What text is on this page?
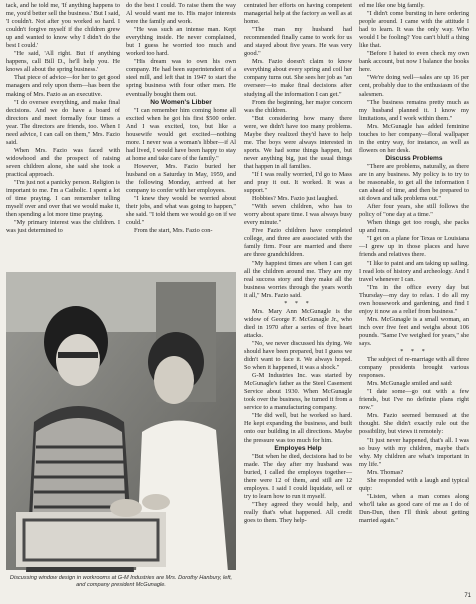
tack, and he told me, 'If anything happens to me, you'd better sell the business.' But I said, 'I couldn't. Not after you worked so hard. I couldn't forgive myself if the children grew up and wanted to know why I didn't do the best I could.'

"He said, 'All right. But if anything happens, call Bill D., he'll help you. He knows all about the spring business.'

That piece of advice—for her to get good managers and rely upon them—has been the making of Mrs. Fazio as an executive.

"I do oversee everything, and make final decisions. And we do have a board of directors and meet formally four times a year. The directors are friends, too. When I need advice, I can call on them," Mrs. Fazio said.

When Mrs. Fazio was faced with widowhood and the prospect of raising seven children alone, she said she took a practical approach.

"I'm just not a panicky person. Religion is important to me. I'm a Catholic. I spent a lot of time praying. I can remember telling myself over and over that we would make it, then spending a lot more time praying.

"My primary interest was the children. I was just determined to

do the best I could. To raise them the way Al would want me to. His major interests were the family and work.

"He was such an intense man. Kept everything inside. He never complained, but I guess he worried too much and worked too hard.

"His dream was to own his own company. He had been superintendent of a steel mill, and left that in 1947 to start the spring business with four other men. He eventually bought them out.

No Women's Libber

"I can remember him coming home all excited when he got his first $500 order. And I was excited, too, but like a housewife would get excited—nothing more. I never was a woman's libber—if Al had lived, I would have been happy to stay at home and take care of the family."

However, Mrs. Fazio buried her husband on a Saturday in May, 1959, and the following Monday, arrived at her company to confer with her employees.

"I knew they would be worried about their jobs, and what was going to happen," she said. "I told them we would go on if we could."

From the start, Mrs. Fazio con-

Discussing window design in workrooms at G-M Industries are Mrs. Dorothy Hanbury, left, and company president McGunagle.

centrated her efforts on having competent managerial help at the factory as well as at home.

"The man my husband had recommended finally came to work for us and stayed about five years. He was very good."

Mrs. Fazio doesn't claim to know everything about every spring and coil her company turns out. She sees her job as "an overseer—to make final decisions after studying all the information I can get."

From the beginning, her major concern was the children.

"But considering how many there were, we didn't have too many problems. Maybe they realized they'd have to help me. The boys were always interested in sports. We had some things happen, but never anything big, just the usual things that happen in all families.

"If I was really worried, I'd go to Mass and pray it out. It worked. It was a support."

Hobbies? Mrs. Fazio just laughed.

"With seven children, who has to worry about spare time. I was always busy every minute."

Five Fazio children have completed college, and three are associated with the family firm. Four are married and there are three grandchildren.

"My happiest times are when I can get all the children around me. They are my real success story and they make all the business worries through the years worth it all," Mrs. Fazio said.

* * *

Mrs. Mary Ann McGunagle is the widow of George F. McGunagle Jr., who died in 1970 after a series of five heart attacks.

"No, we never discussed his dying. We should have been prepared, but I guess we didn't want to face it. We always hoped. So when it happened, it was a shock."

G-M Industries Inc. was started by McGunagle's father as the Steel Casement Service about 1930. When McGunagle took over the business, he turned it from a service to a manufacturing company.

"He did well, but he worked so hard. He kept expanding the business, and built onto our building in all directions. Maybe the pressure was too much for him.

Employes Help

"But when he died, decisions had to be made. The day after my husband was buried, I called the employes together—there were 12 of them, and still are 12 employes. I said I could liquidate, sell or try to learn how to run it myself.

"They agreed they would help, and really that's what happened. All credit goes to them. They help-

ed me like one big family.

"I didn't come bursting in here ordering people around. I came with the attitude I had to learn. It was the only way. Who would I be fooling? You can't bluff a thing like that.

"Before I hated to even check my own bank account, but now I balance the books here.

"We're doing well—sales are up 16 per cent, probably due to the enthusiasm of the salesmen.

"The business remains pretty much as my husband planned it. I know my limitations, and I work within them."

Mrs. McGunagle has added feminine touches to her company—floral wallpaper in the entry way, for instance, as well as flowers on her desk.

Discuss Problems

"There are problems, naturally, as there are in any business. My policy is to try to be reasonable, to get all the information I can ahead of time, and then be prepared to sit down and talk problems out."

After four years, she still follows the policy of "one day at a time."

When things get too rough, she packs up and runs.

"I get on a plane for Texas or Louisiana—I grew up in those places and have friends and relatives there.

"I like to paint and am taking up sailing. I read lots of history and archeology. And I travel whenever I can.

"I'm in the office every day but Thursday—my day to relax. I do all my own housework and gardening, and find I enjoy it now as a relief from business."

Mrs. McGunagle is a small woman, an inch over five feet and weighs about 106 pounds. "Same I've weighed for years," she says.

* * *

The subject of re-marriage with all three company presidents brought various responses.

Mrs. McGunagle smiled and said:

"I date some—go out with a few friends, but I've no definite plans right now."

Mrs. Fazio seemed bemused at the thought. She didn't exactly rule out the possibility, but views it remotely:

"It just never happened, that's all. I was so busy with my children, maybe that's why. My children are what's important in my life."

Mrs. Thomas?

She responded with a laugh and typical quip:

"Listen, when a man comes along who'll take as good care of me as I do of Dun-Dun, then I'll think about getting married again."

71
